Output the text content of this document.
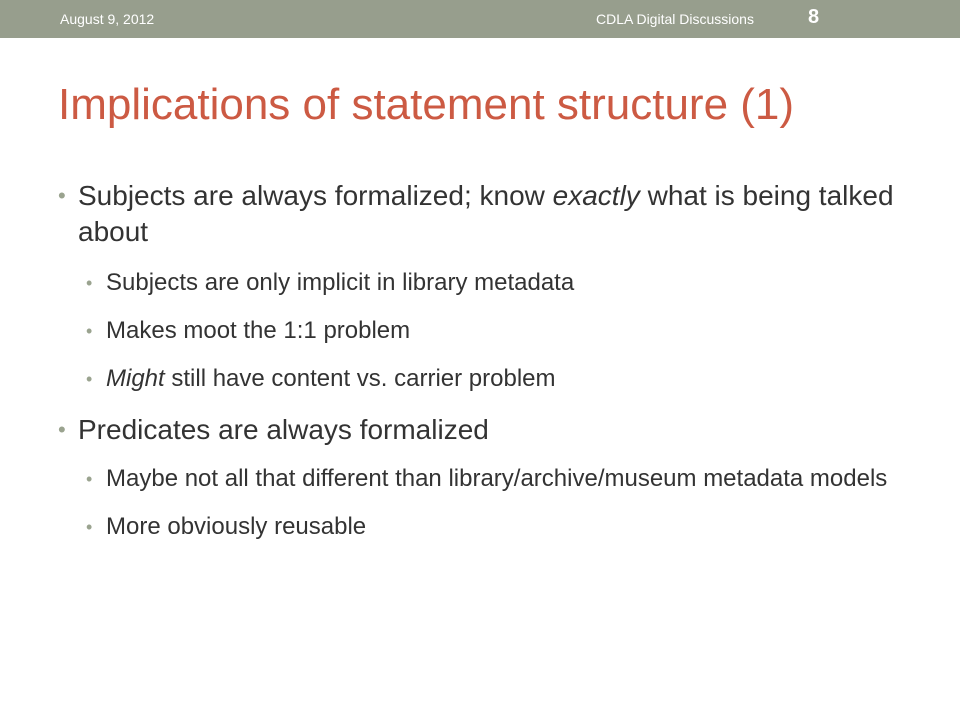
August 9, 2012	CDLA Digital Discussions	8
Implications of statement structure (1)
• Subjects are always formalized; know exactly what is being talked about
• Subjects are only implicit in library metadata
• Makes moot the 1:1 problem
• Might still have content vs. carrier problem
• Predicates are always formalized
• Maybe not all that different than library/archive/museum metadata models
• More obviously reusable
